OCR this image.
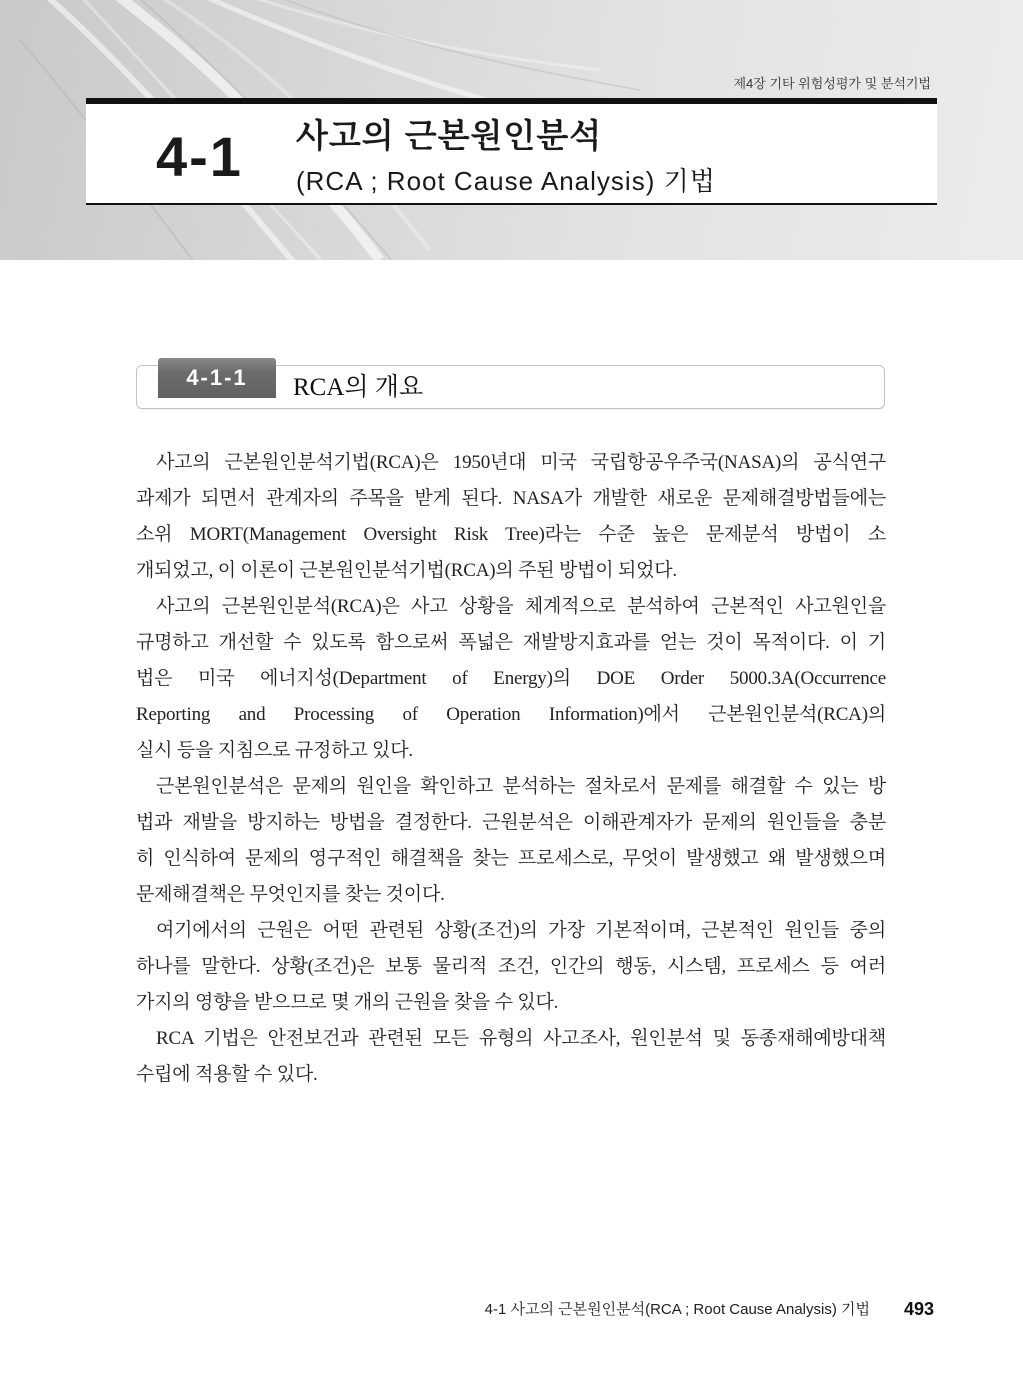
제4장 기타 위험성평가 및 분석기법
4-1 사고의 근본원인분석
(RCA ; Root Cause Analysis) 기법
4-1-1	RCA의 개요
사고의 근본원인분석기법(RCA)은 1950년대 미국 국립항공우주국(NASA)의 공식연구
과제가 되면서 관계자의 주목을 받게 된다. NASA가 개발한 새로운 문제해결방법들에는
소위 MORT(Management Oversight Risk Tree)라는 수준 높은 문제분석 방법이 소
개되었고, 이 이론이 근본원인분석기법(RCA)의 주된 방법이 되었다.
사고의 근본원인분석(RCA)은 사고 상황을 체계적으로 분석하여 근본적인 사고원인을
규명하고 개선할 수 있도록 함으로써 폭넓은 재발방지효과를 얻는 것이 목적이다. 이 기
법은 미국 에너지성(Department of Energy)의 DOE Order 5000.3A(Occurrence
Reporting and Processing of Operation Information)에서 근본원인분석(RCA)의
실시 등을 지침으로 규정하고 있다.
근본원인분석은 문제의 원인을 확인하고 분석하는 절차로서 문제를 해결할 수 있는 방
법과 재발을 방지하는 방법을 결정한다. 근원분석은 이해관계자가 문제의 원인들을 충분
히 인식하여 문제의 영구적인 해결책을 찾는 프로세스로, 무엇이 발생했고 왜 발생했으며
문제해결책은 무엇인지를 찾는 것이다.
여기에서의 근원은 어떤 관련된 상황(조건)의 가장 기본적이며, 근본적인 원인들 중의
하나를 말한다. 상황(조건)은 보통 물리적 조건, 인간의 행동, 시스템, 프로세스 등 여러
가지의 영향을 받으므로 몇 개의 근원을 찾을 수 있다.
RCA 기법은 안전보건과 관련된 모든 유형의 사고조사, 원인분석 및 동종재해예방대책
수립에 적용할 수 있다.
4-1 사고의 근본원인분석(RCA ; Root Cause Analysis) 기법 493
